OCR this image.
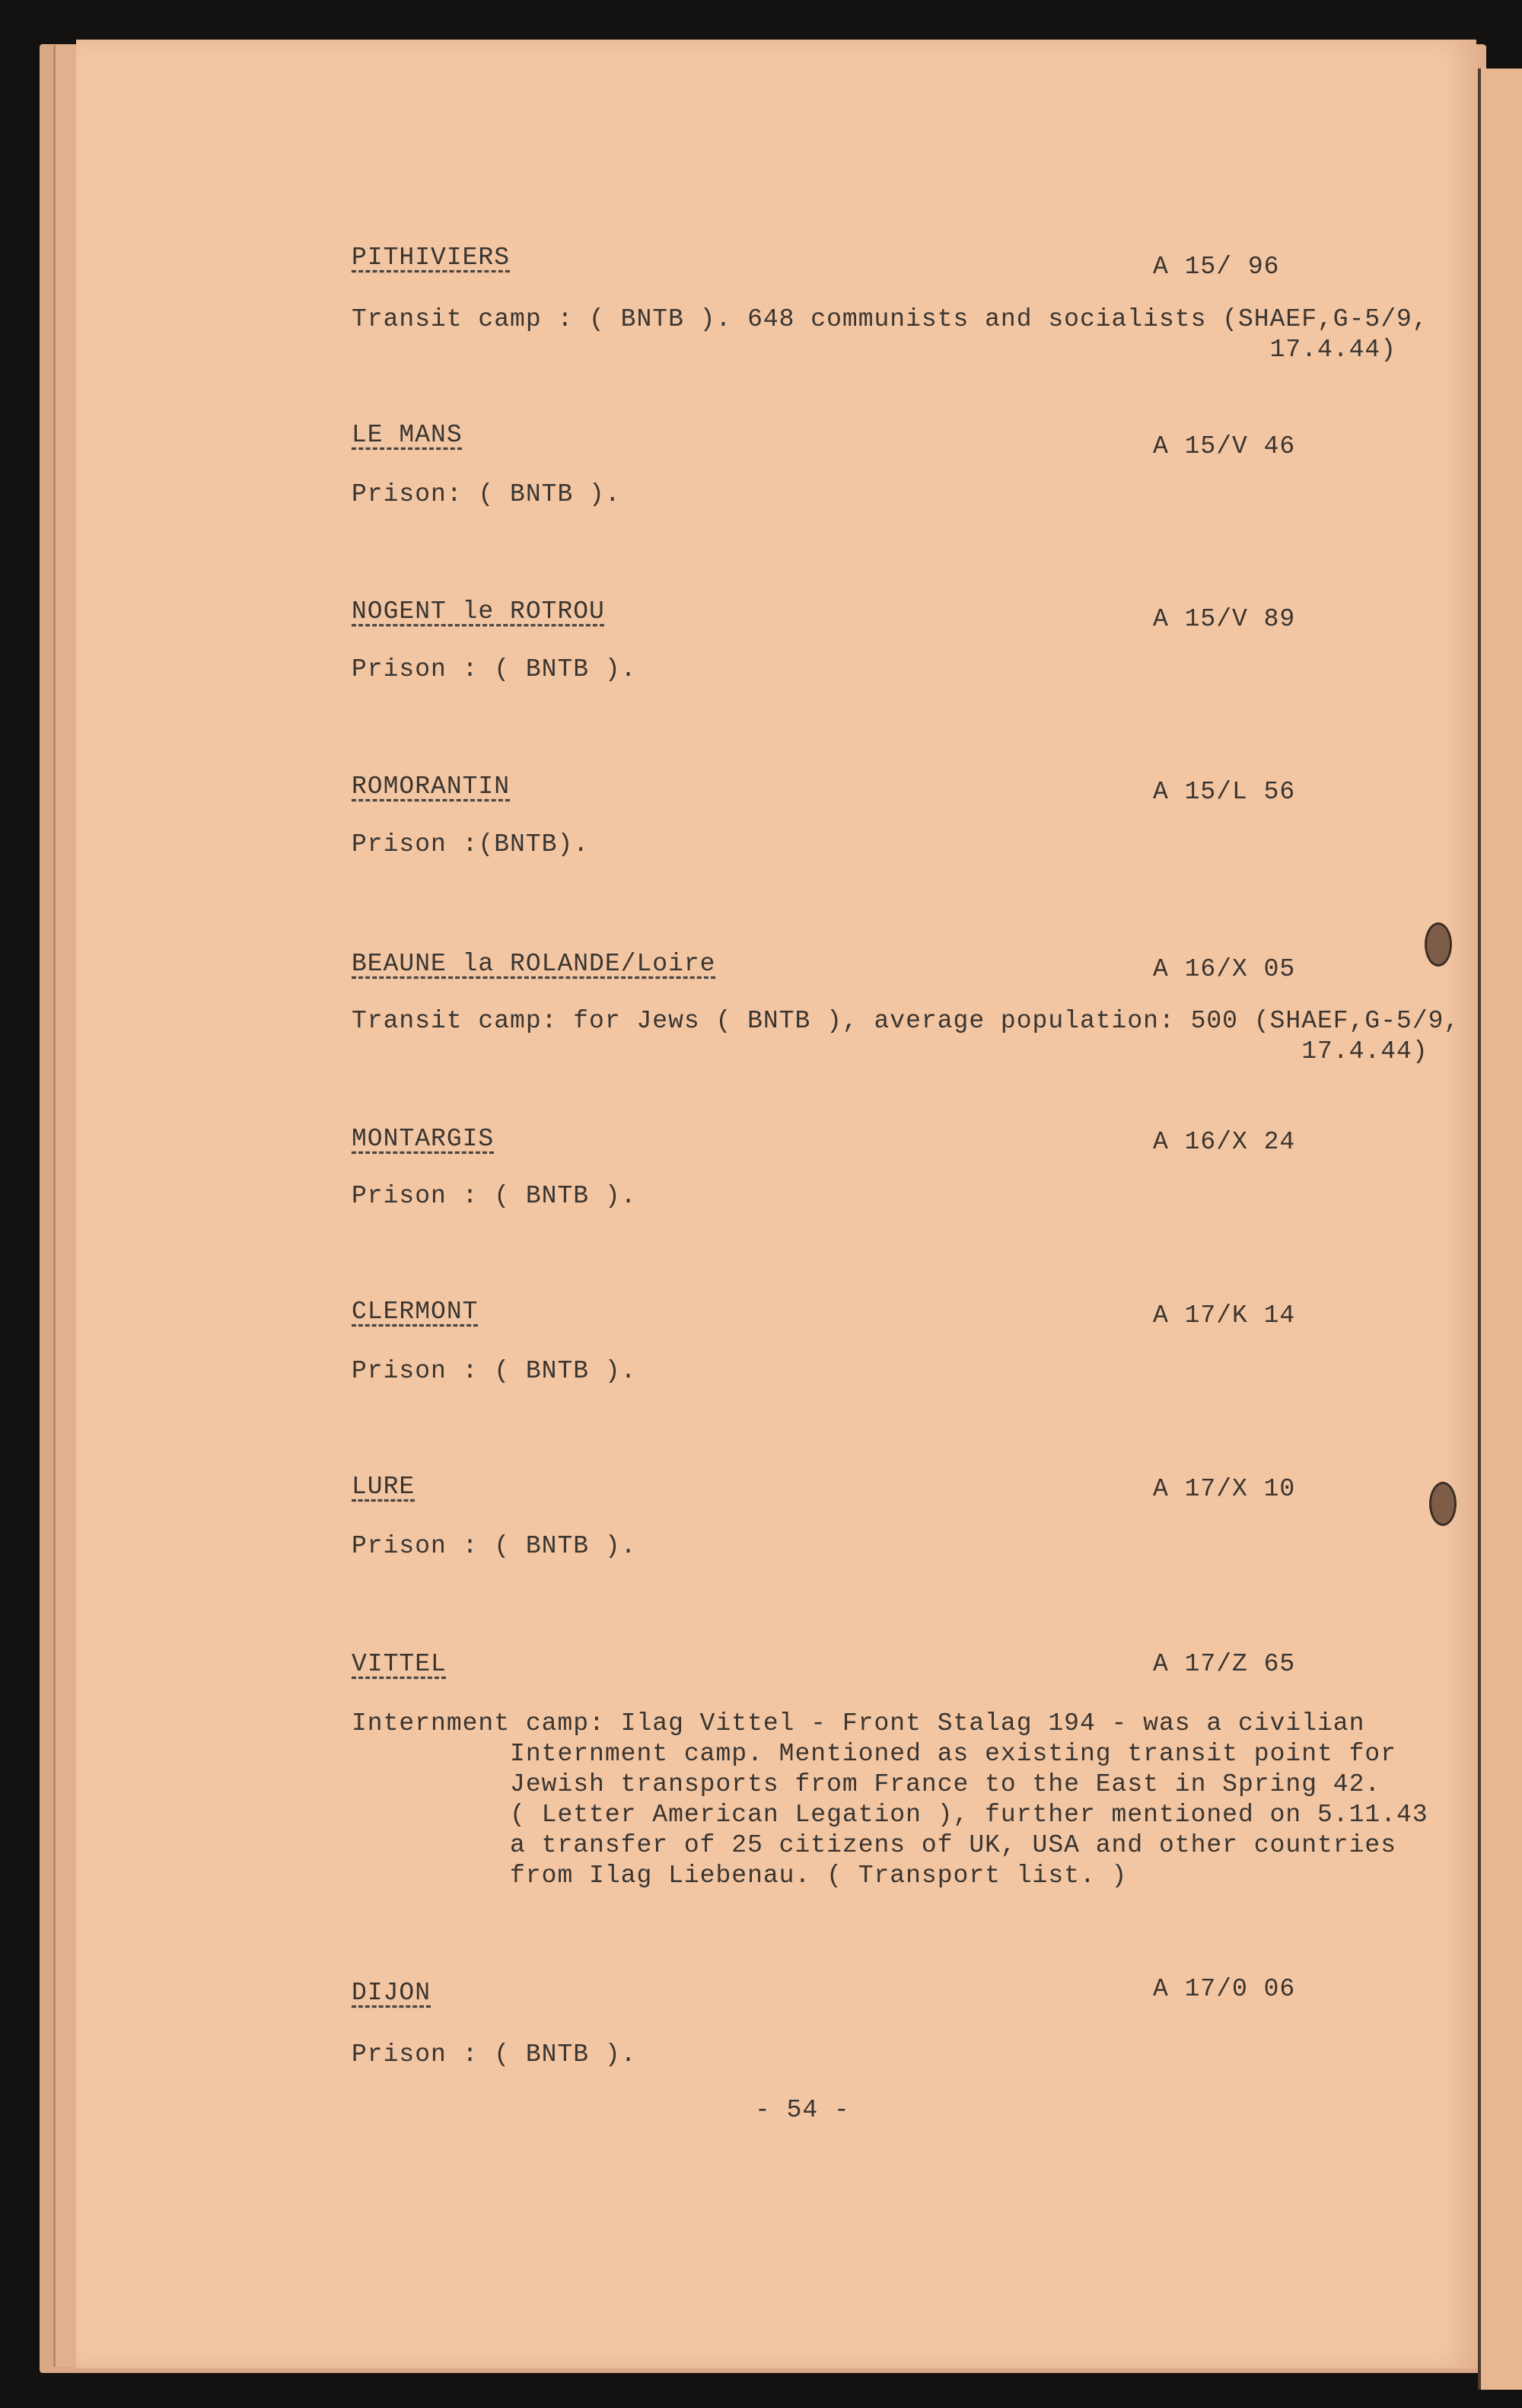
PITHIVIERS	A 15/ 96
Transit camp : ( BNTB ). 648 communists and socialists (SHAEF,G-5/9,
17.4.44)
LE MANS	A 15/V 46
Prison: ( BNTB ).
NOGENT le ROTROU	A 15/V 89
Prison : ( BNTB ).
ROMORANTIN	A 15/L 56
Prison :(BNTB).
BEAUNE la ROLANDE/Loire	A 16/X 05
Transit camp: for Jews ( BNTB ), average population: 500 (SHAEF,G-5/9,
17.4.44)
MONTARGIS	A 16/X 24
Prison : ( BNTB ).
CLERMONT	A 17/K 14
Prison : ( BNTB ).
LURE	A 17/X 10
Prison : ( BNTB ).
VITTEL	A 17/Z 65
Internment camp: Ilag Vittel - Front Stalag 194 - was a civilian
Internment camp. Mentioned as existing transit point for
Jewish transports from France to the East in Spring 42.
( Letter American Legation ), further mentioned on 5.11.43
a transfer of 25 citizens of UK, USA and other countries
from Ilag Liebenau. ( Transport list. )
DIJON	A 17/0 06
Prison : ( BNTB ).
- 54 -
